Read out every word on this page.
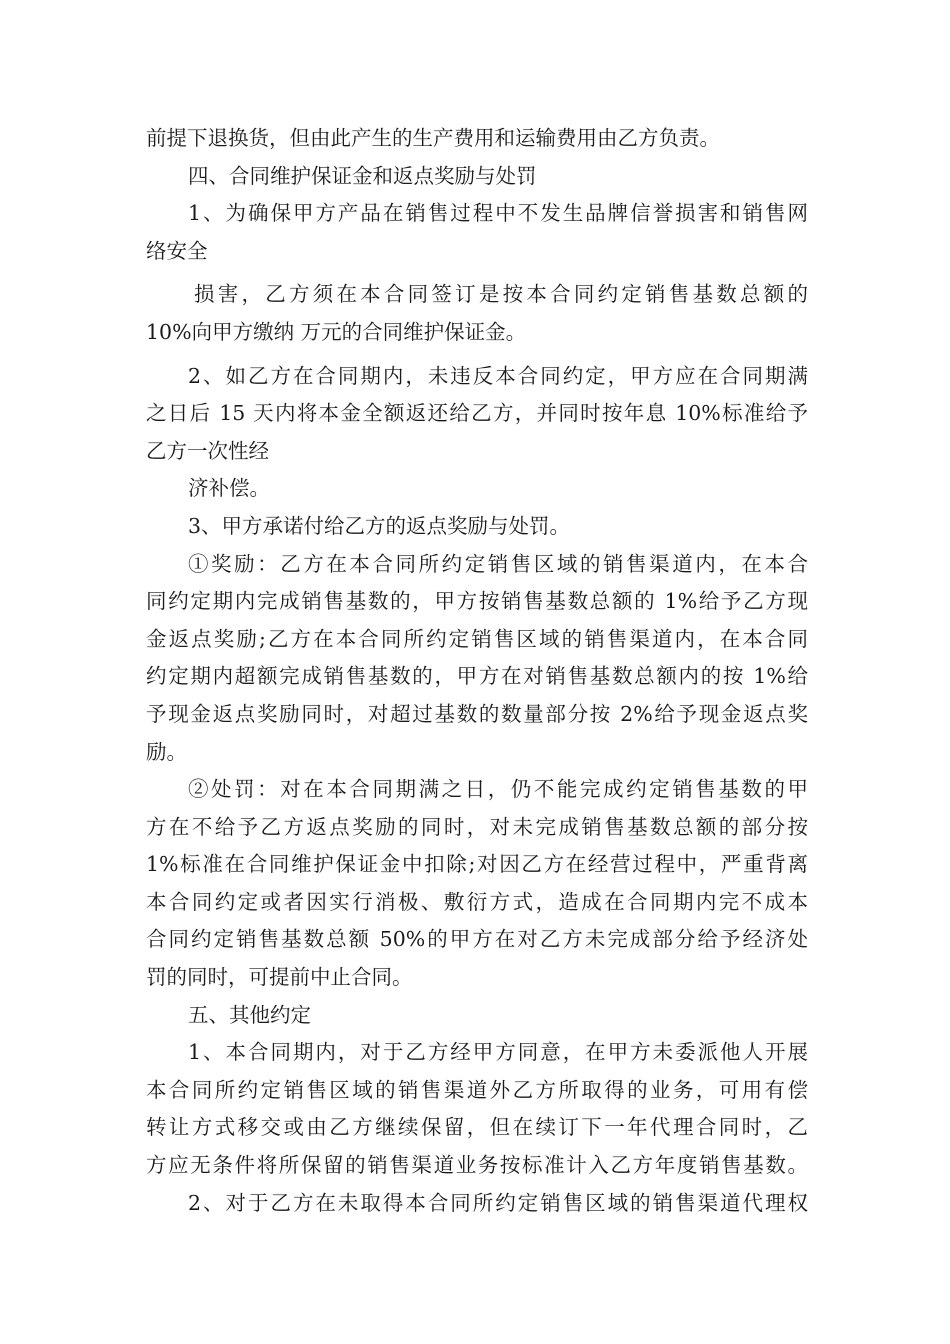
前提下退换货，但由此产生的生产费用和运输费用由乙方负责。
四、合同维护保证金和返点奖励与处罚
1、为确保甲方产品在销售过程中不发生品牌信誉损害和销售网
络安全
损害，乙方须在本合同签订是按本合同约定销售基数总额的
10%向甲方缴纳 万元的合同维护保证金。
2、如乙方在合同期内，未违反本合同约定，甲方应在合同期满
之日后 15 天内将本金全额返还给乙方，并同时按年息 10%标准给予
乙方一次性经
济补偿。
3、甲方承诺付给乙方的返点奖励与处罚。
①奖励：乙方在本合同所约定销售区域的销售渠道内，在本合
同约定期内完成销售基数的，甲方按销售基数总额的 1%给予乙方现
金返点奖励;乙方在本合同所约定销售区域的销售渠道内，在本合同
约定期内超额完成销售基数的，甲方在对销售基数总额内的按 1%给
予现金返点奖励同时，对超过基数的数量部分按 2%给予现金返点奖
励。
②处罚：对在本合同期满之日，仍不能完成约定销售基数的甲
方在不给予乙方返点奖励的同时，对未完成销售基数总额的部分按
1%标准在合同维护保证金中扣除;对因乙方在经营过程中，严重背离
本合同约定或者因实行消极、敷衍方式，造成在合同期内完不成本
合同约定销售基数总额 50%的甲方在对乙方未完成部分给予经济处
罚的同时，可提前中止合同。
五、其他约定
1、本合同期内，对于乙方经甲方同意，在甲方未委派他人开展
本合同所约定销售区域的销售渠道外乙方所取得的业务，可用有偿
转让方式移交或由乙方继续保留，但在续订下一年代理合同时，乙
方应无条件将所保留的销售渠道业务按标准计入乙方年度销售基数。
2、对于乙方在未取得本合同所约定销售区域的销售渠道代理权
